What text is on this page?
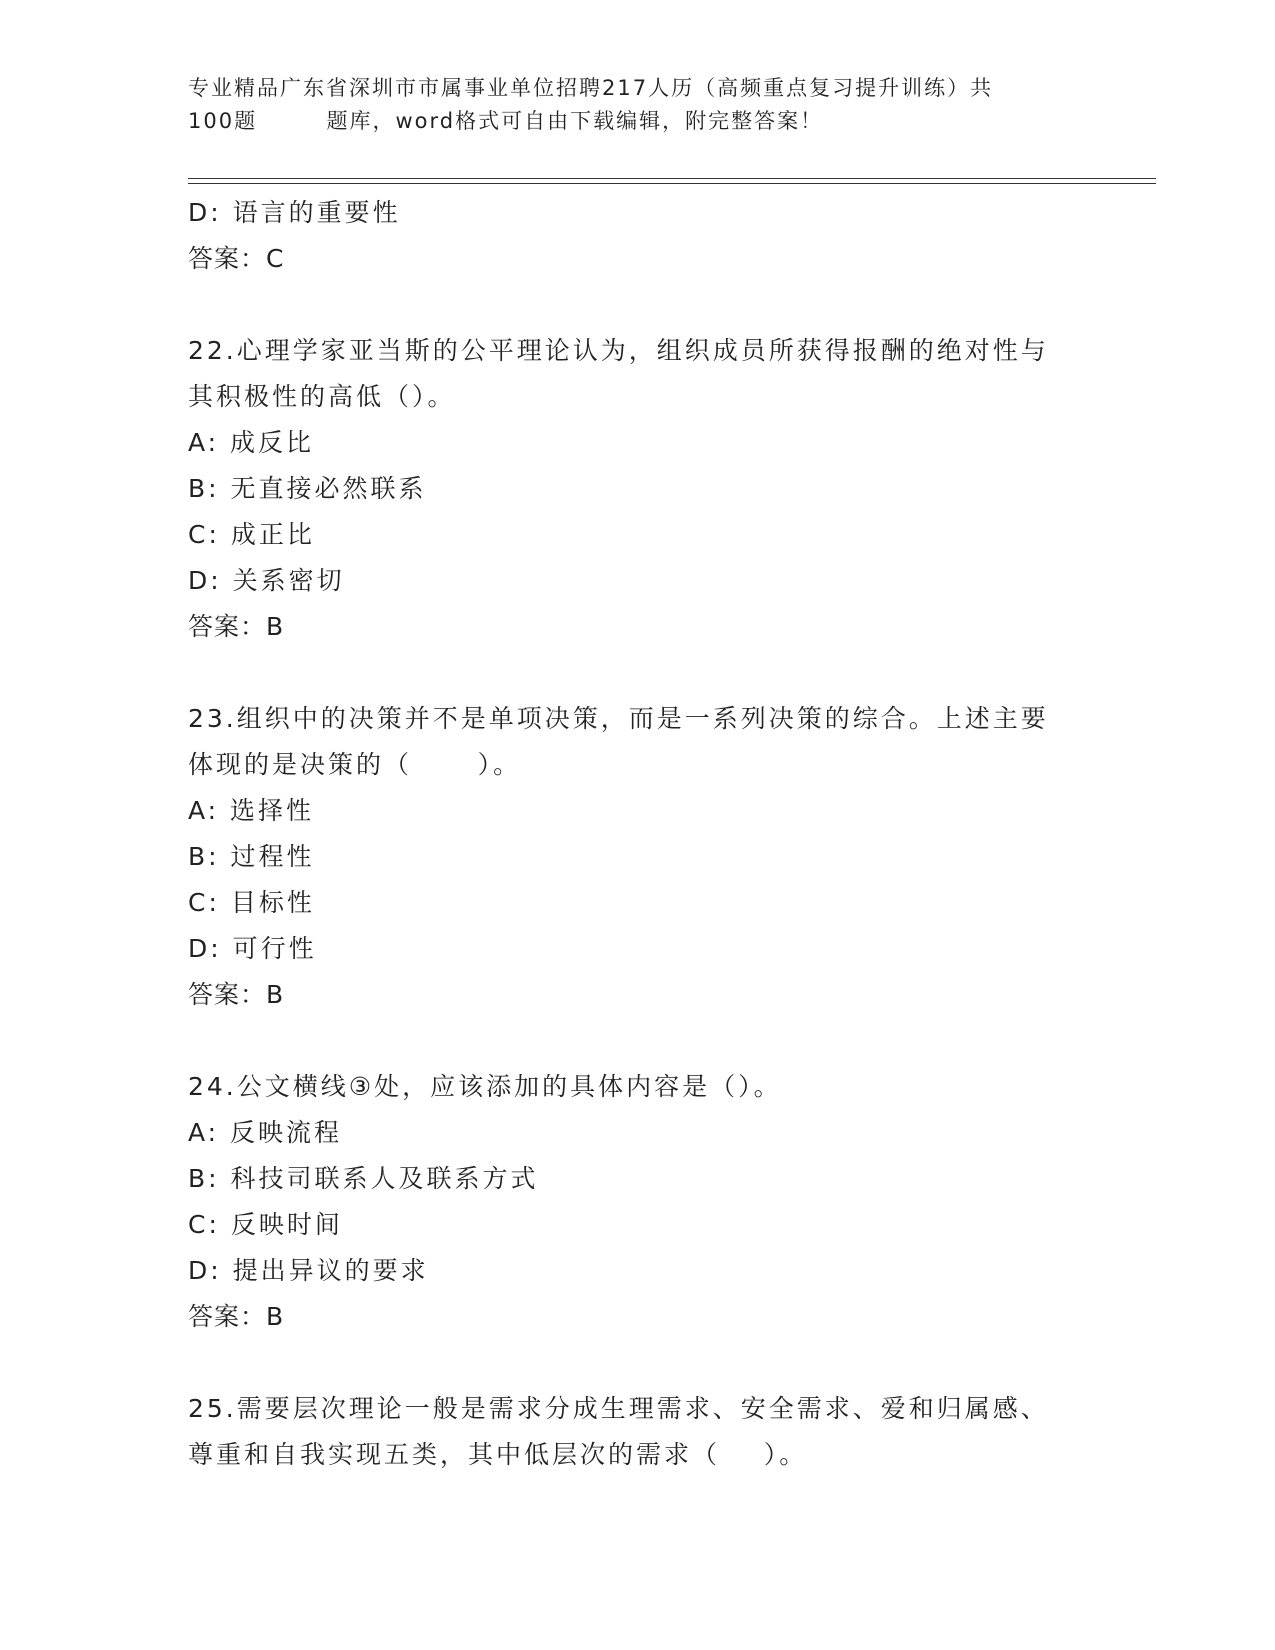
专业精品广东省深圳市市属事业单位招聘217人历（高频重点复习提升训练）共
100题        题库，word格式可自由下载编辑，附完整答案！
D: 语言的重要性
答案：C
22.心理学家亚当斯的公平理论认为，组织成员所获得报酬的绝对性与
其积极性的高低（）。
A: 成反比
B: 无直接必然联系
C: 成正比
D: 关系密切
答案：B
23.组织中的决策并不是单项决策，而是一系列决策的综合。上述主要
体现的是决策的（      ）。
A: 选择性
B: 过程性
C: 目标性
D: 可行性
答案：B
24.公文横线③处，应该添加的具体内容是（）。
A: 反映流程
B: 科技司联系人及联系方式
C: 反映时间
D: 提出异议的要求
答案：B
25.需要层次理论一般是需求分成生理需求、安全需求、爱和归属感、
尊重和自我实现五类，其中低层次的需求（    ）。
